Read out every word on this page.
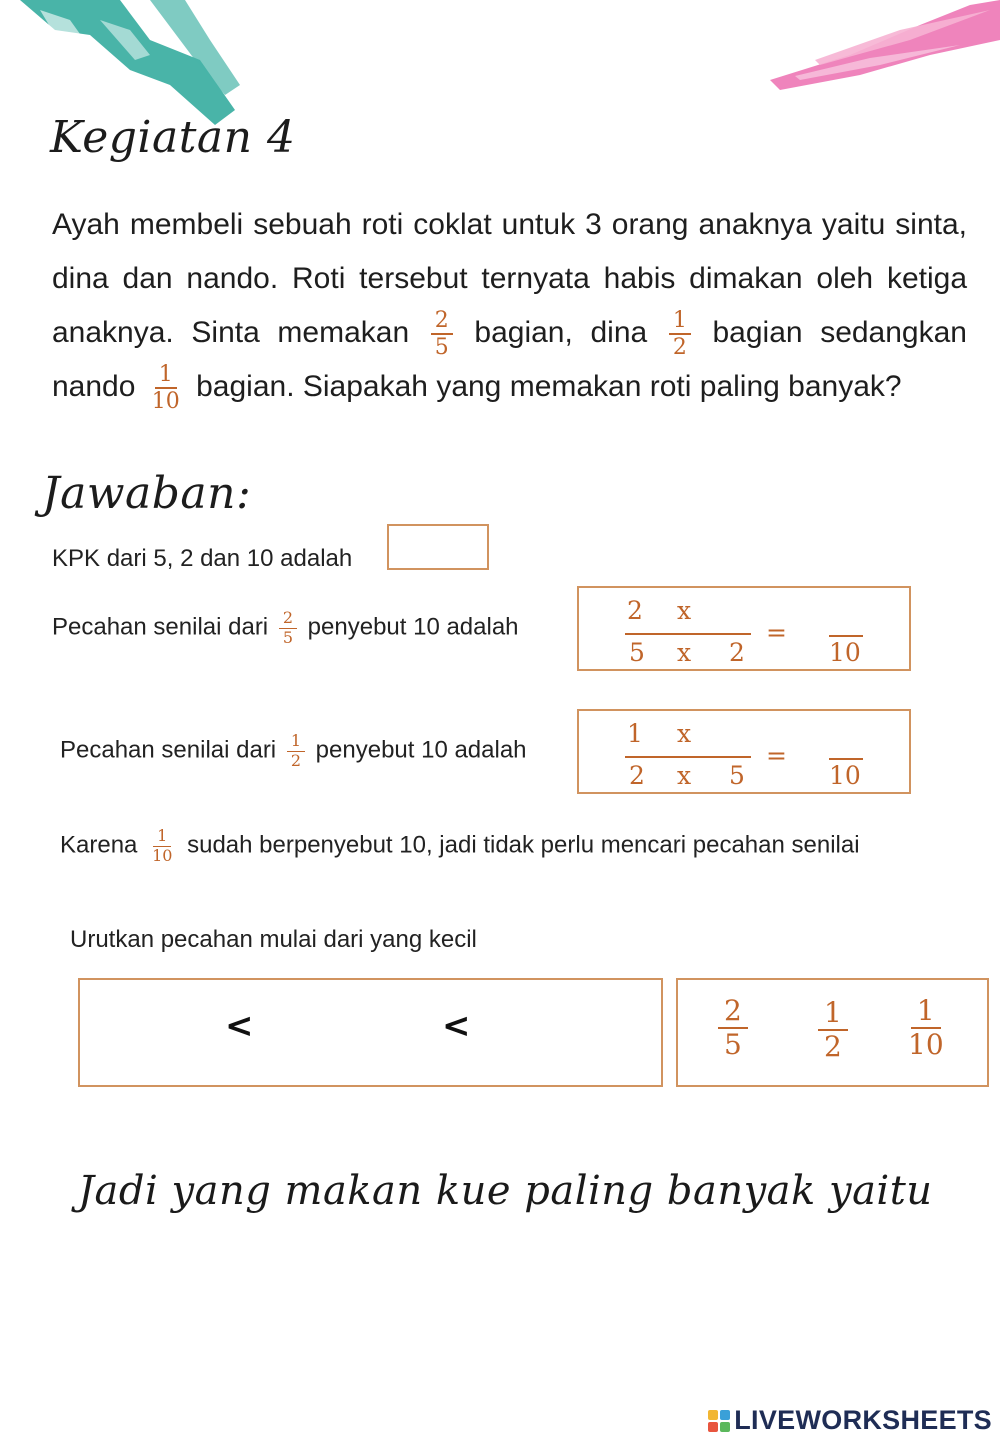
Kegiatan 4
Ayah membeli sebuah roti coklat untuk 3 orang anaknya yaitu sinta, dina dan nando. Roti tersebut ternyata habis dimakan oleh ketiga anaknya. Sinta memakan $\frac{2}{5}$ bagian, dina $\frac{1}{2}$ bagian sedangkan nando $\frac{1}{10}$ bagian. Siapakah yang memakan roti paling banyak?
Jawaban:
KPK dari 5, 2 dan 10 adalah
Pecahan senilai dari $\frac{2}{5}$ penyebut 10 adalah
2 x
5 x 2
=
10
Pecahan senilai dari $\frac{1}{2}$ penyebut 10 adalah
1 x
2 x 5
=
10
Karena $\frac{1}{10}$ sudah berpenyebut 10, jadi tidak perlu mencari pecahan senilai
Urutkan pecahan mulai dari yang kecil
<	<	$\frac{2}{5}$	$\frac{1}{2} \frac{1}{10}$
Jadi yang makan kue paling banyak yaitu
LIVEWORKSHEETS
